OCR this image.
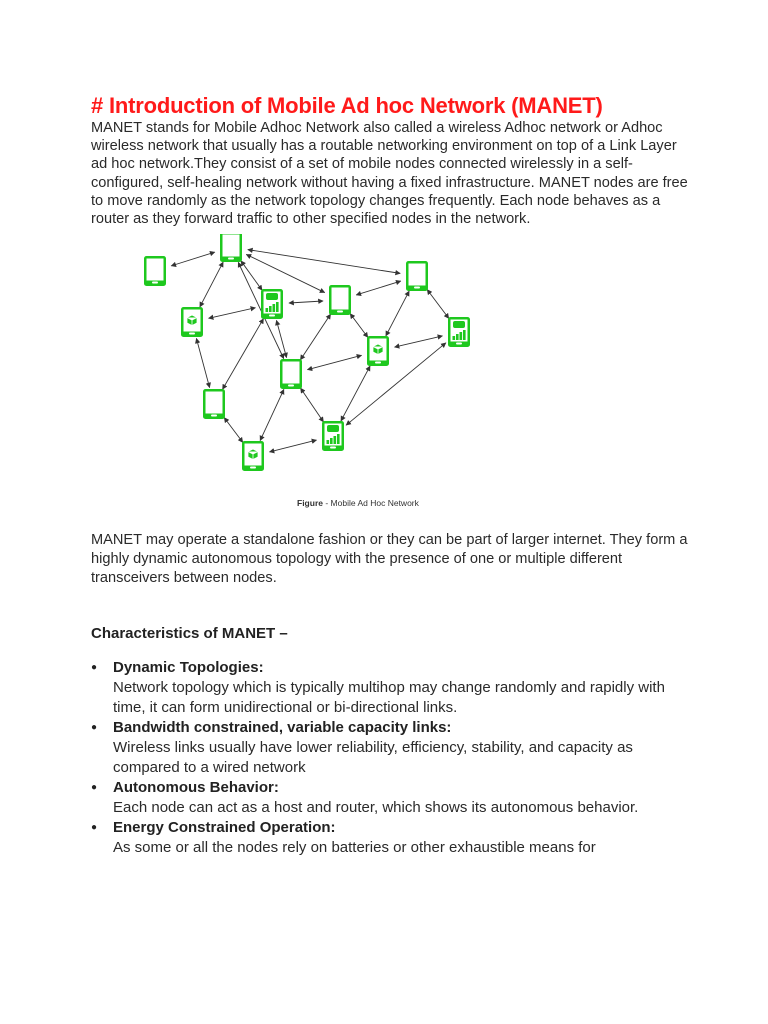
# Introduction of Mobile Ad hoc Network (MANET)

MANET stands for Mobile Adhoc Network also called a wireless Adhoc network or Adhoc wireless network that usually has a routable networking environment on top of a Link Layer ad hoc network.They consist of a set of mobile nodes connected wirelessly in a self-configured, self-healing network without having a fixed infrastructure. MANET nodes are free to move randomly as the network topology changes frequently. Each node behaves as a router as they forward traffic to other specified nodes in the network.

Figure - Mobile Ad Hoc Network

MANET may operate a standalone fashion or they can be part of larger internet. They form a highly dynamic autonomous topology with the presence of one or multiple different transceivers between nodes.

Characteristics of MANET –
● Dynamic Topologies:
Network topology which is typically multihop may change randomly and rapidly with time, it can form unidirectional or bi-directional links.
● Bandwidth constrained, variable capacity links:
Wireless links usually have lower reliability, efficiency, stability, and capacity as compared to a wired network
● Autonomous Behavior:
Each node can act as a host and router, which shows its autonomous behavior.
● Energy Constrained Operation:
As some or all the nodes rely on batteries or other exhaustible means for
